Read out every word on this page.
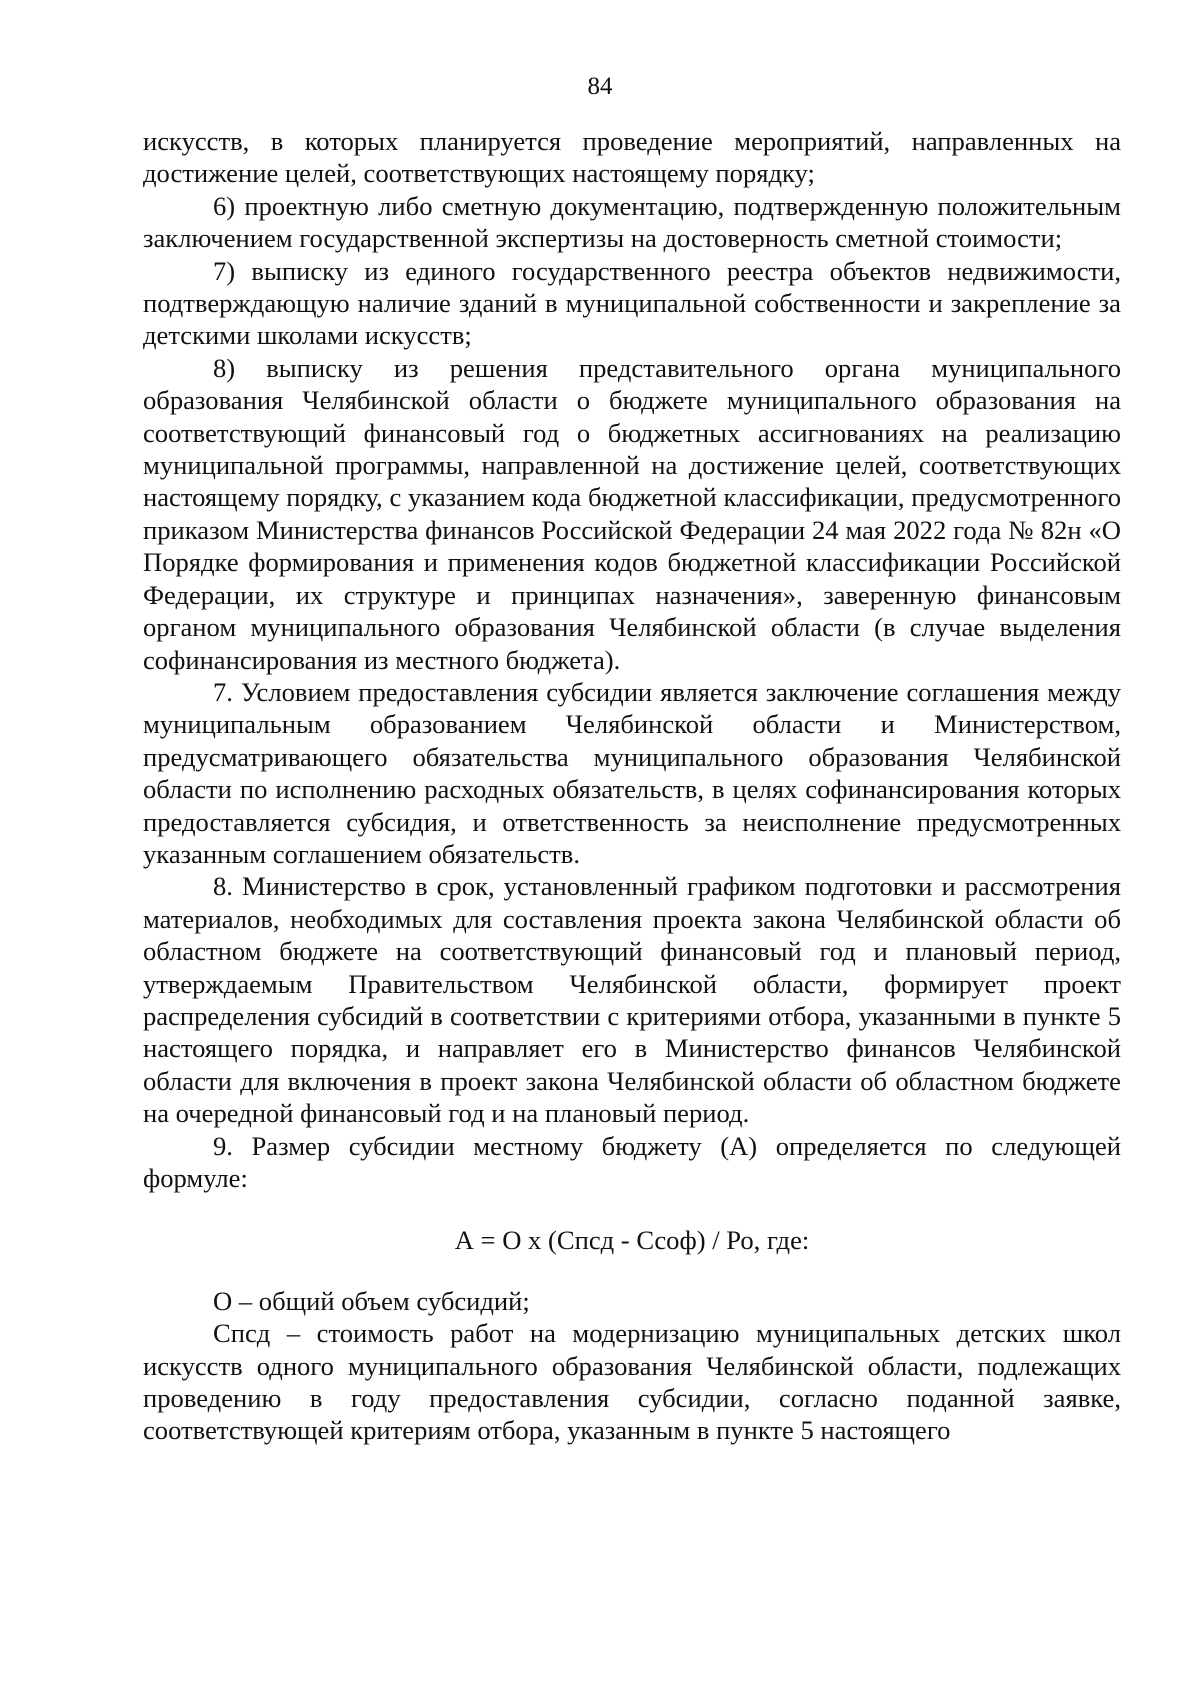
84

искусств, в которых планируется проведение мероприятий, направленных на достижение целей, соответствующих настоящему порядку;

6) проектную либо сметную документацию, подтвержденную положительным заключением государственной экспертизы на достоверность сметной стоимости;

7) выписку из единого государственного реестра объектов недвижимости, подтверждающую наличие зданий в муниципальной собственности и закрепление за детскими школами искусств;

8) выписку из решения представительного органа муниципального образования Челябинской области о бюджете муниципального образования на соответствующий финансовый год о бюджетных ассигнованиях на реализацию муниципальной программы, направленной на достижение целей, соответствующих настоящему порядку, с указанием кода бюджетной классификации, предусмотренного приказом Министерства финансов Российской Федерации 24 мая 2022 года № 82н «О Порядке формирования и применения кодов бюджетной классификации Российской Федерации, их структуре и принципах назначения», заверенную финансовым органом муниципального образования Челябинской области (в случае выделения софинансирования из местного бюджета).

7. Условием предоставления субсидии является заключение соглашения между муниципальным образованием Челябинской области и Министерством, предусматривающего обязательства муниципального образования Челябинской области по исполнению расходных обязательств, в целях софинансирования которых предоставляется субсидия, и ответственность за неисполнение предусмотренных указанным соглашением обязательств.

8. Министерство в срок, установленный графиком подготовки и рассмотрения материалов, необходимых для составления проекта закона Челябинской области об областном бюджете на соответствующий финансовый год и плановый период, утверждаемым Правительством Челябинской области, формирует проект распределения субсидий в соответствии с критериями отбора, указанными в пункте 5 настоящего порядка, и направляет его в Министерство финансов Челябинской области для включения в проект закона Челябинской области об областном бюджете на очередной финансовый год и на плановый период.

9. Размер субсидии местному бюджету (А) определяется по следующей формуле:

А = О х (Спсд - Ссоф) / Ро, где:

О – общий объем субсидий;

Спсд – стоимость работ на модернизацию муниципальных детских школ искусств одного муниципального образования Челябинской области, подлежащих проведению в году предоставления субсидии, согласно поданной заявке, соответствующей критериям отбора, указанным в пункте 5 настоящего
